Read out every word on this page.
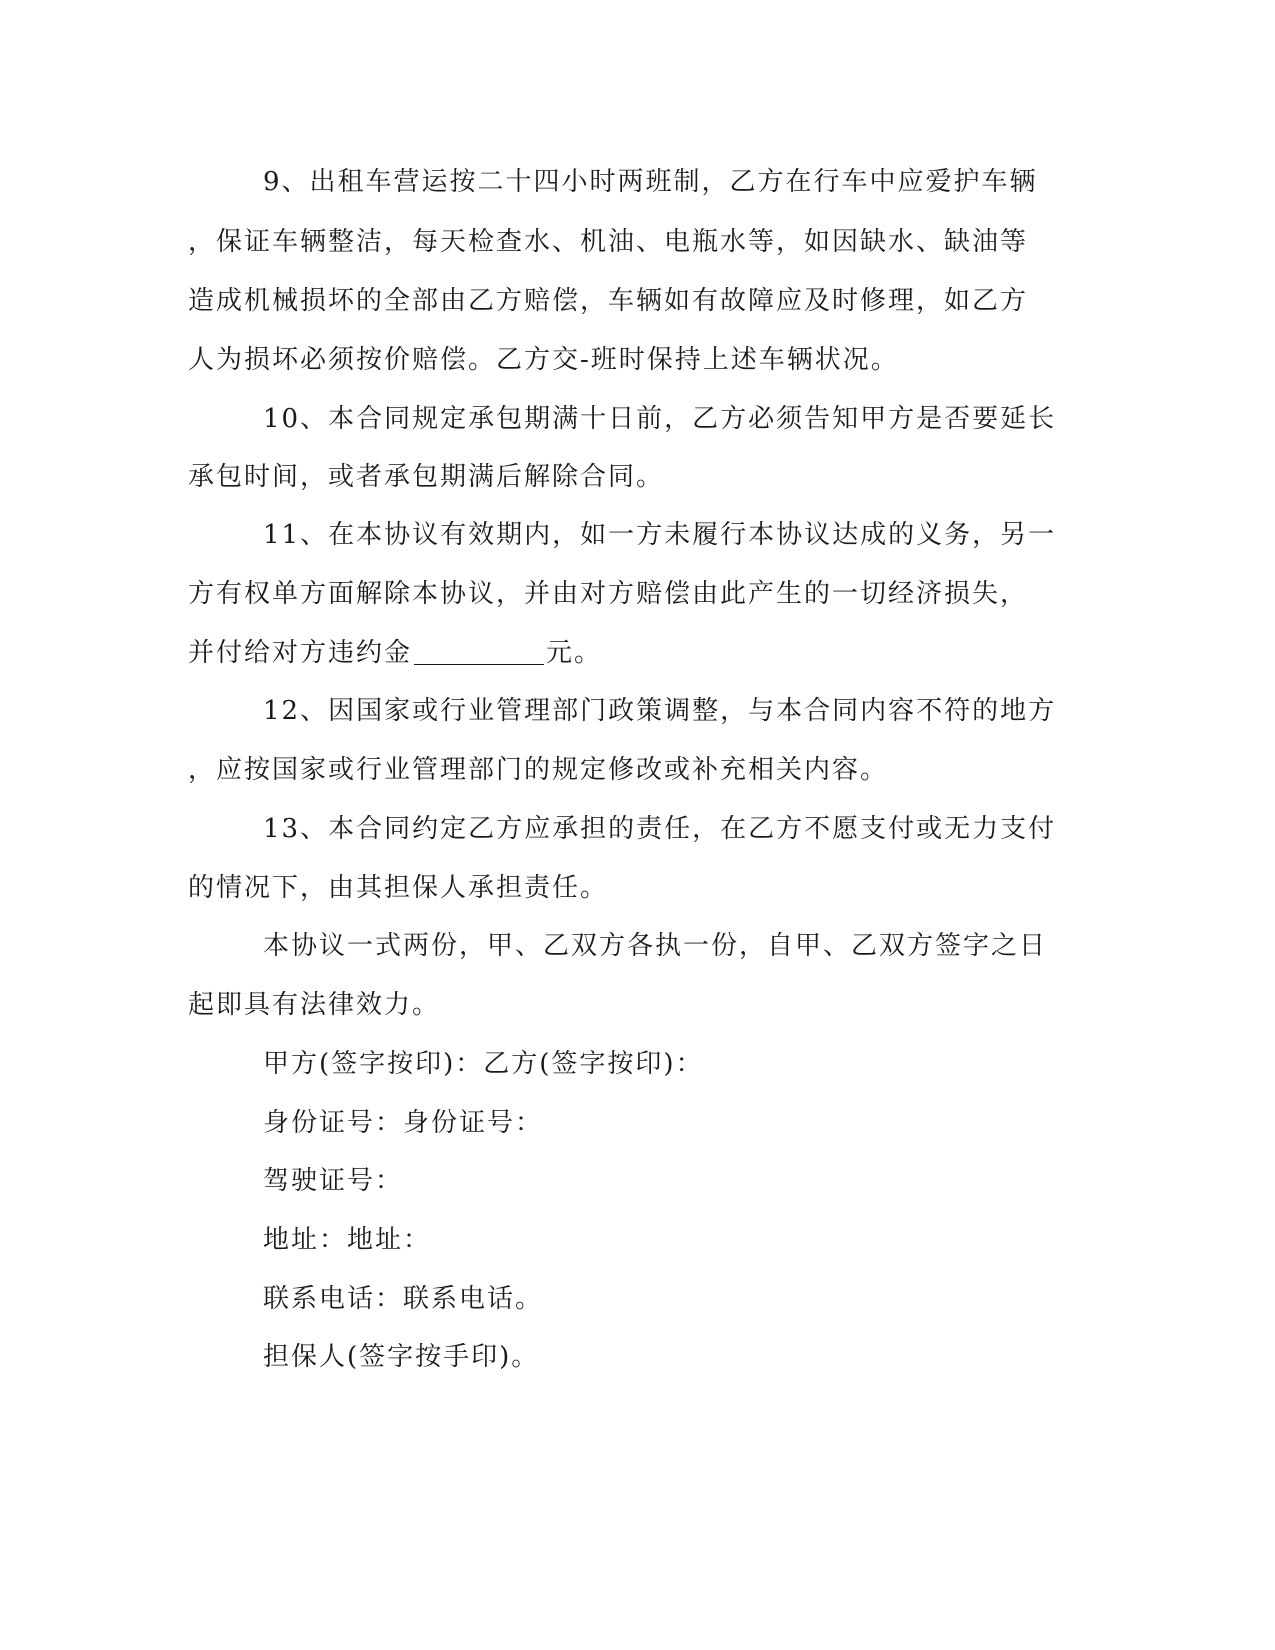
9、出租车营运按二十四小时两班制，乙方在行车中应爱护车辆
，保证车辆整洁，每天检查水、机油、电瓶水等，如因缺水、缺油等
造成机械损坏的全部由乙方赔偿，车辆如有故障应及时修理，如乙方
人为损坏必须按价赔偿。乙方交-班时保持上述车辆状况。
10、本合同规定承包期满十日前，乙方必须告知甲方是否要延长
承包时间，或者承包期满后解除合同。
11、在本协议有效期内，如一方未履行本协议达成的义务，另一
方有权单方面解除本协议，并由对方赔偿由此产生的一切经济损失，
并付给对方违约金	元。
12、因国家或行业管理部门政策调整，与本合同内容不符的地方
，应按国家或行业管理部门的规定修改或补充相关内容。
13、本合同约定乙方应承担的责任，在乙方不愿支付或无力支付
的情况下，由其担保人承担责任。
本协议一式两份，甲、乙双方各执一份，自甲、乙双方签字之日
起即具有法律效力。
甲方(签字按印)：乙方(签字按印)：
身份证号：身份证号：
驾驶证号：
地址：地址：
联系电话：联系电话。
担保人(签字按手印)。
